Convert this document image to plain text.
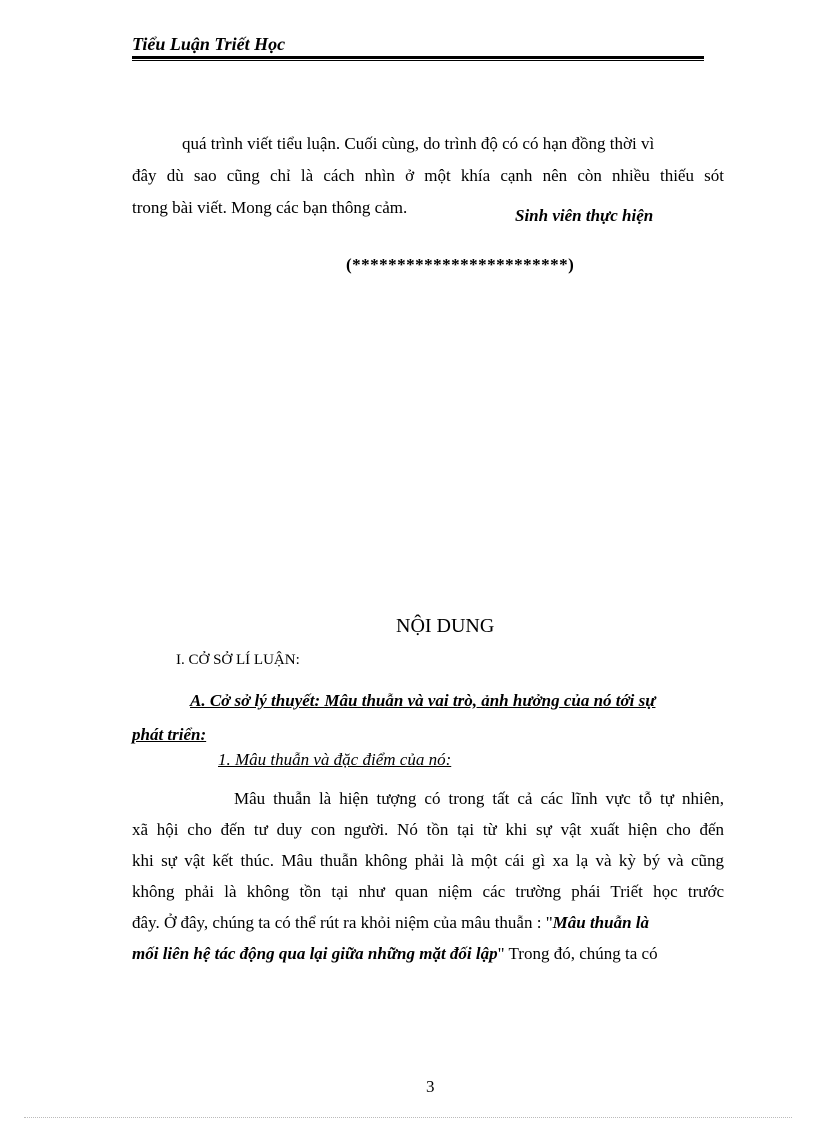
Tiểu Luận Triết Học
quá trình viết tiểu luận. Cuối cùng, do trình độ có có hạn đồng thời vì
đây dù sao cũng chỉ là cách nhìn ở một khía cạnh nên còn nhiều thiếu sót
trong bài viết. Mong các bạn thông cảm.	Sinh viên thực hiện
(************************)
NỘI DUNG
I. CỞ SỞ LÍ LUẬN:
A. Cở sở lý thuyết: Mâu thuẫn và vai trò, ảnh hưởng của nó tới sự
phát triển:
1. Mâu thuẫn và đặc điểm của nó:
Mâu thuẫn là hiện tượng có trong tất cả các lĩnh vực tỗ tự nhiên,
xã hội cho đến tư duy con người. Nó tồn tại từ khi sự vật xuất hiện cho đến
khi sự vật kết thúc. Mâu thuẫn không phải là một cái gì xa lạ và kỳ bý và cũng
không phải là không tồn tại như quan niệm các trường phái Triết học trước
đây. Ở đây, chúng ta có thể rút ra khỏi niệm của mâu thuẫn : "Mâu thuẫn là
mối liên hệ tác động qua lại giữa những mặt đối lập" Trong đó, chúng ta có
3
